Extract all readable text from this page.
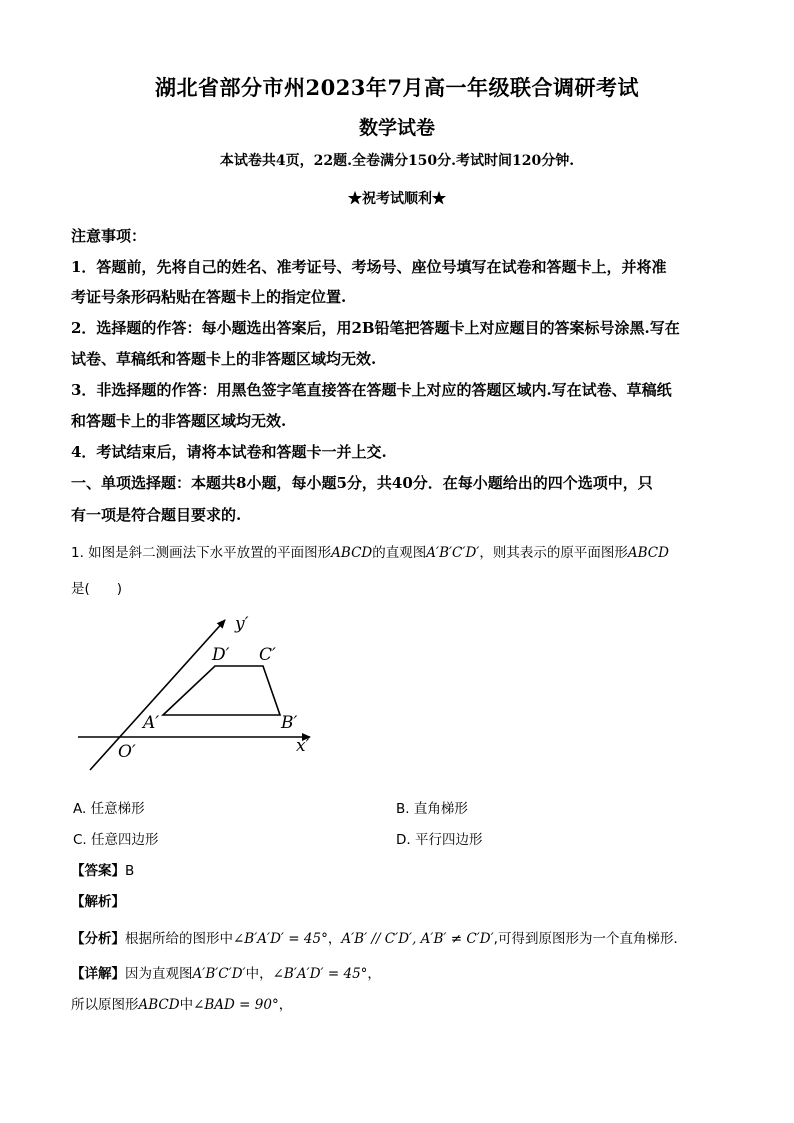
湖北省部分市州2023年7月高一年级联合调研考试
数学试卷
本试卷共4页，22题.全卷满分150分.考试时间120分钟.
★祝考试顺利★
注意事项：
1．答题前，先将自己的姓名、准考证号、考场号、座位号填写在试卷和答题卡上，并将准
考证号条形码粘贴在答题卡上的指定位置.
2．选择题的作答：每小题选出答案后，用2B铅笔把答题卡上对应题目的答案标号涂黑.写在
试卷、草稿纸和答题卡上的非答题区域均无效.
3．非选择题的作答：用黑色签字笔直接答在答题卡上对应的答题区域内.写在试卷、草稿纸
和答题卡上的非答题区域均无效.
4．考试结束后，请将本试卷和答题卡一并上交.
一、单项选择题：本题共8小题，每小题5分，共40分．在每小题给出的四个选项中，只
有一项是符合题目要求的.
1. 如图是斜二测画法下水平放置的平面图形ABCD的直观图A′B′C′D′，则其表示的原平面图形ABCD
是(　　)
y′
x′
O′
A′	B′
C′
D′
A. 任意梯形	B. 直角梯形
C. 任意四边形	D. 平行四边形
【答案】B
【解析】
【分析】根据所给的图形中∠B′A′D′ = 45°，A′B′ // C′D′, A′B′ ≠ C′D′,可得到原图形为一个直角梯形．
【详解】因为直观图A′B′C′D′中，∠B′A′D′ = 45°，
所以原图形ABCD中∠BAD = 90°，
